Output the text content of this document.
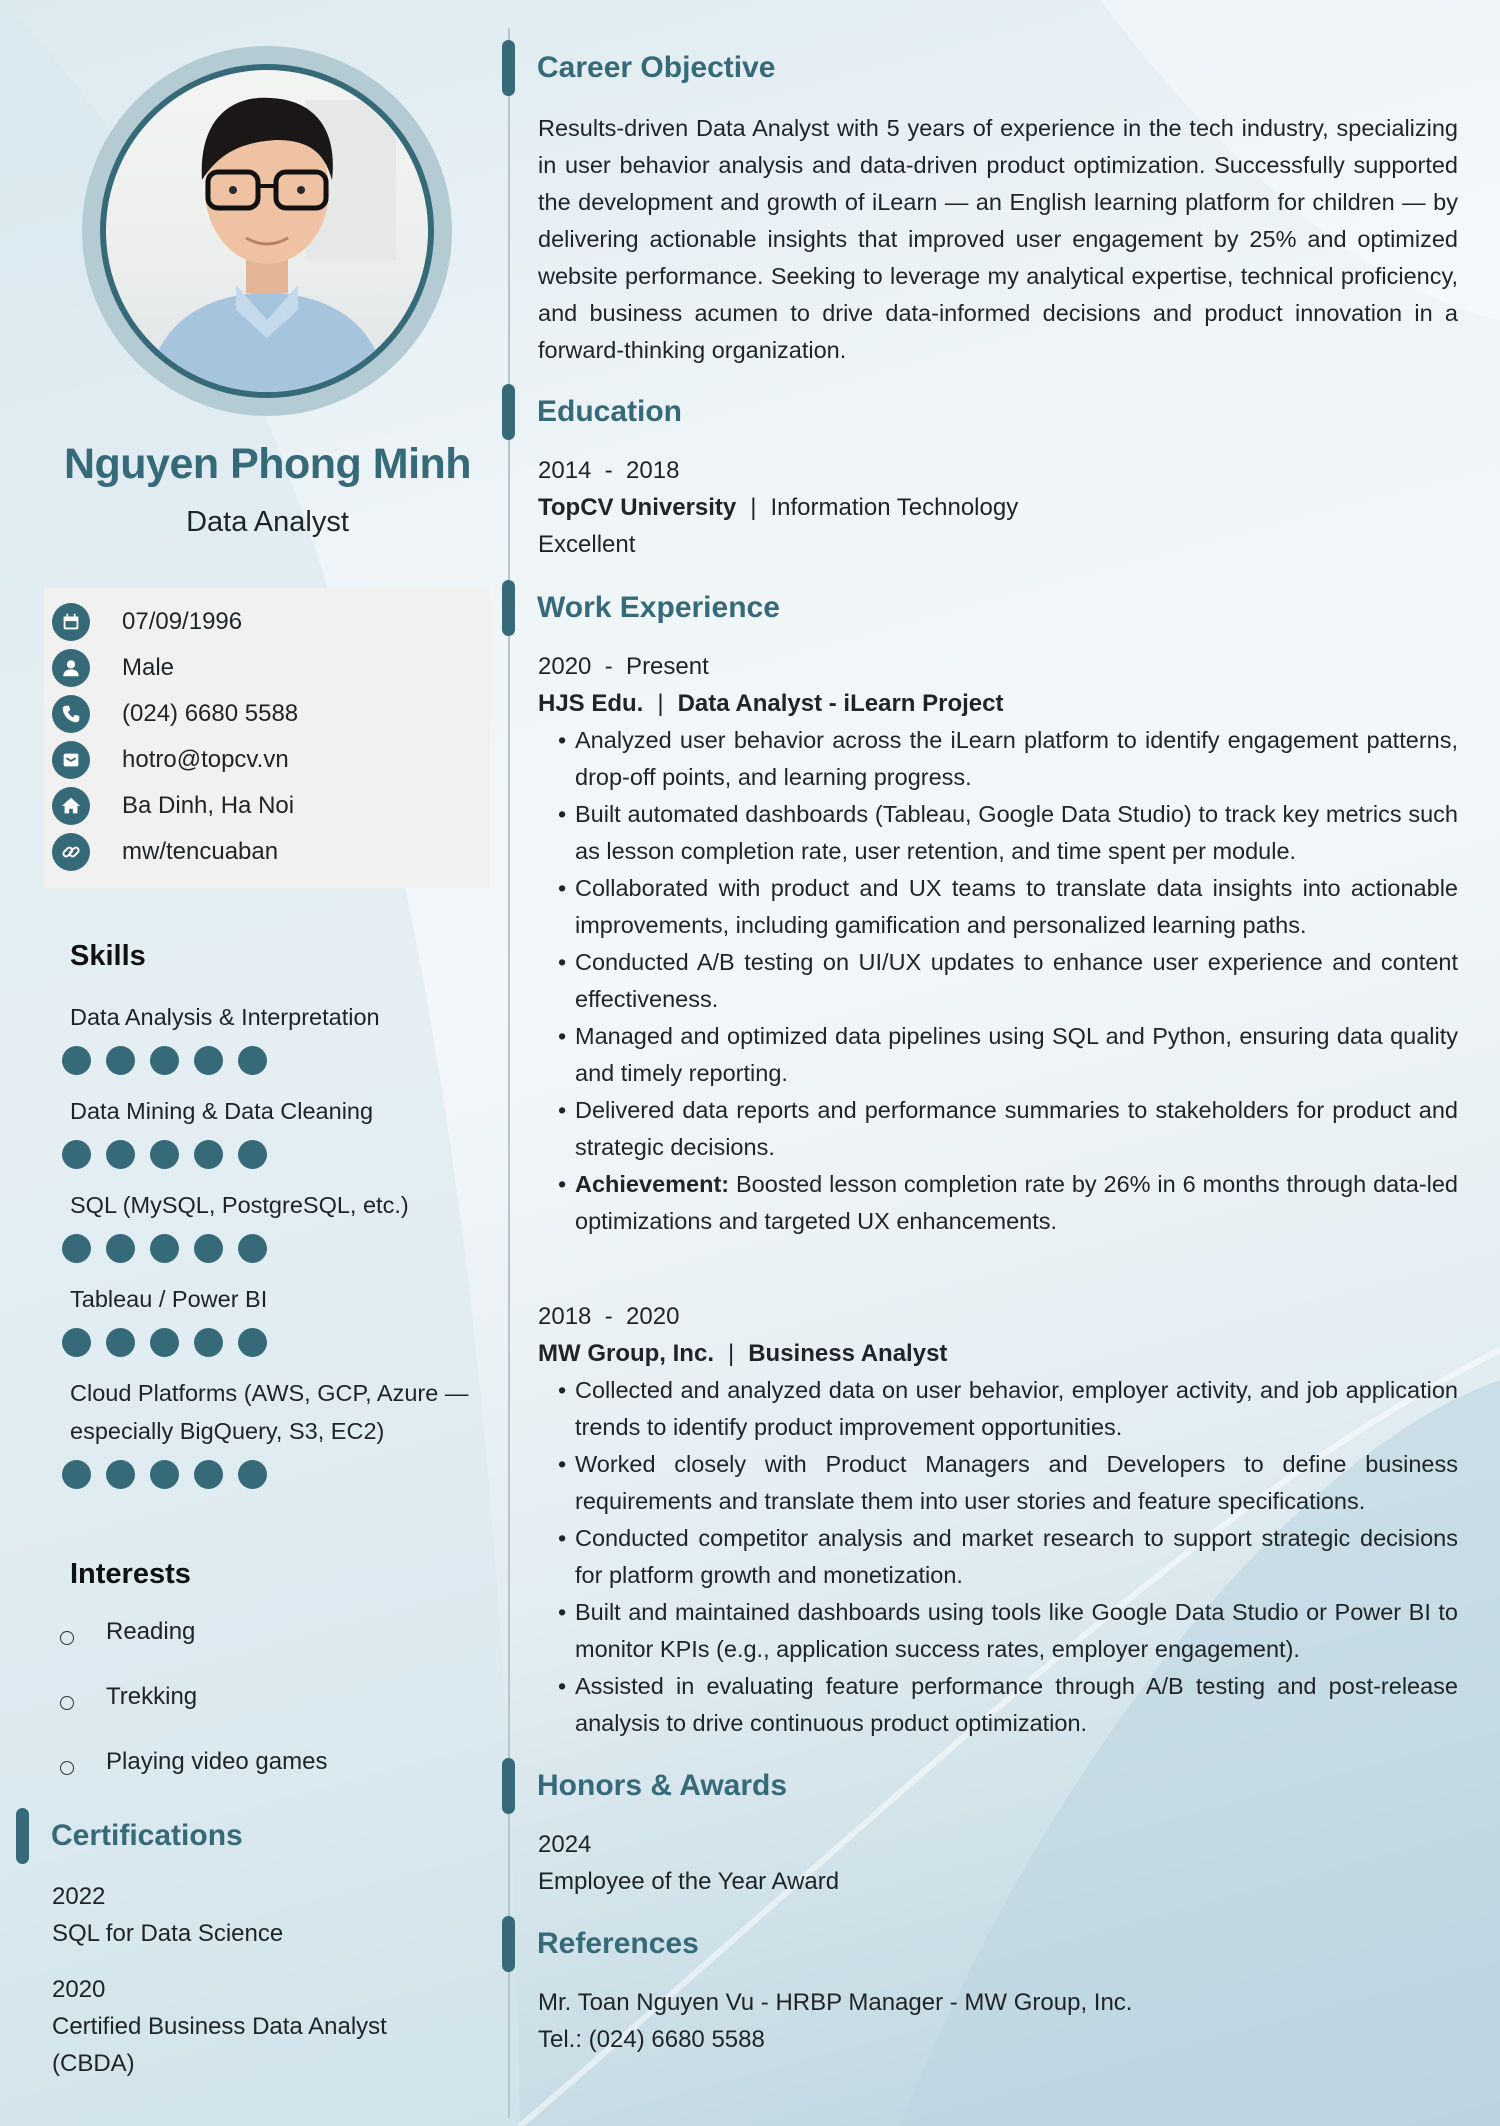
Nguyen Phong Minh
Data Analyst
07/09/1996
Male
(024) 6680 5588
hotro@topcv.vn
Ba Dinh, Ha Noi
mw/tencuaban
Skills
Data Analysis & Interpretation
Data Mining & Data Cleaning
SQL (MySQL, PostgreSQL, etc.)
Tableau / Power BI
Cloud Platforms (AWS, GCP, Azure — especially BigQuery, S3, EC2)
Interests
Reading
Trekking
Playing video games
Certifications
2022
SQL for Data Science
2020
Certified Business Data Analyst (CBDA)
Career Objective
Results-driven Data Analyst with 5 years of experience in the tech industry, specializing in user behavior analysis and data-driven product optimization. Successfully supported the development and growth of iLearn — an English learning platform for children — by delivering actionable insights that improved user engagement by 25% and optimized website performance. Seeking to leverage my analytical expertise, technical proficiency, and business acumen to drive data-informed decisions and product innovation in a forward-thinking organization.
Education
2014  -  2018
TopCV University | Information Technology
Excellent
Work Experience
2020  -  Present
HJS Edu. | Data Analyst - iLearn Project
• Analyzed user behavior across the iLearn platform to identify engagement patterns, drop-off points, and learning progress.
• Built automated dashboards (Tableau, Google Data Studio) to track key metrics such as lesson completion rate, user retention, and time spent per module.
• Collaborated with product and UX teams to translate data insights into actionable improvements, including gamification and personalized learning paths.
• Conducted A/B testing on UI/UX updates to enhance user experience and content effectiveness.
• Managed and optimized data pipelines using SQL and Python, ensuring data quality and timely reporting.
• Delivered data reports and performance summaries to stakeholders for product and strategic decisions.
• Achievement: Boosted lesson completion rate by 26% in 6 months through data-led optimizations and targeted UX enhancements.
2018  -  2020
MW Group, Inc. | Business Analyst
• Collected and analyzed data on user behavior, employer activity, and job application trends to identify product improvement opportunities.
• Worked closely with Product Managers and Developers to define business requirements and translate them into user stories and feature specifications.
• Conducted competitor analysis and market research to support strategic decisions for platform growth and monetization.
• Built and maintained dashboards using tools like Google Data Studio or Power BI to monitor KPIs (e.g., application success rates, employer engagement).
• Assisted in evaluating feature performance through A/B testing and post-release analysis to drive continuous product optimization.
Honors & Awards
2024
Employee of the Year Award
References
Mr. Toan Nguyen Vu - HRBP Manager - MW Group, Inc.
Tel.: (024) 6680 5588
